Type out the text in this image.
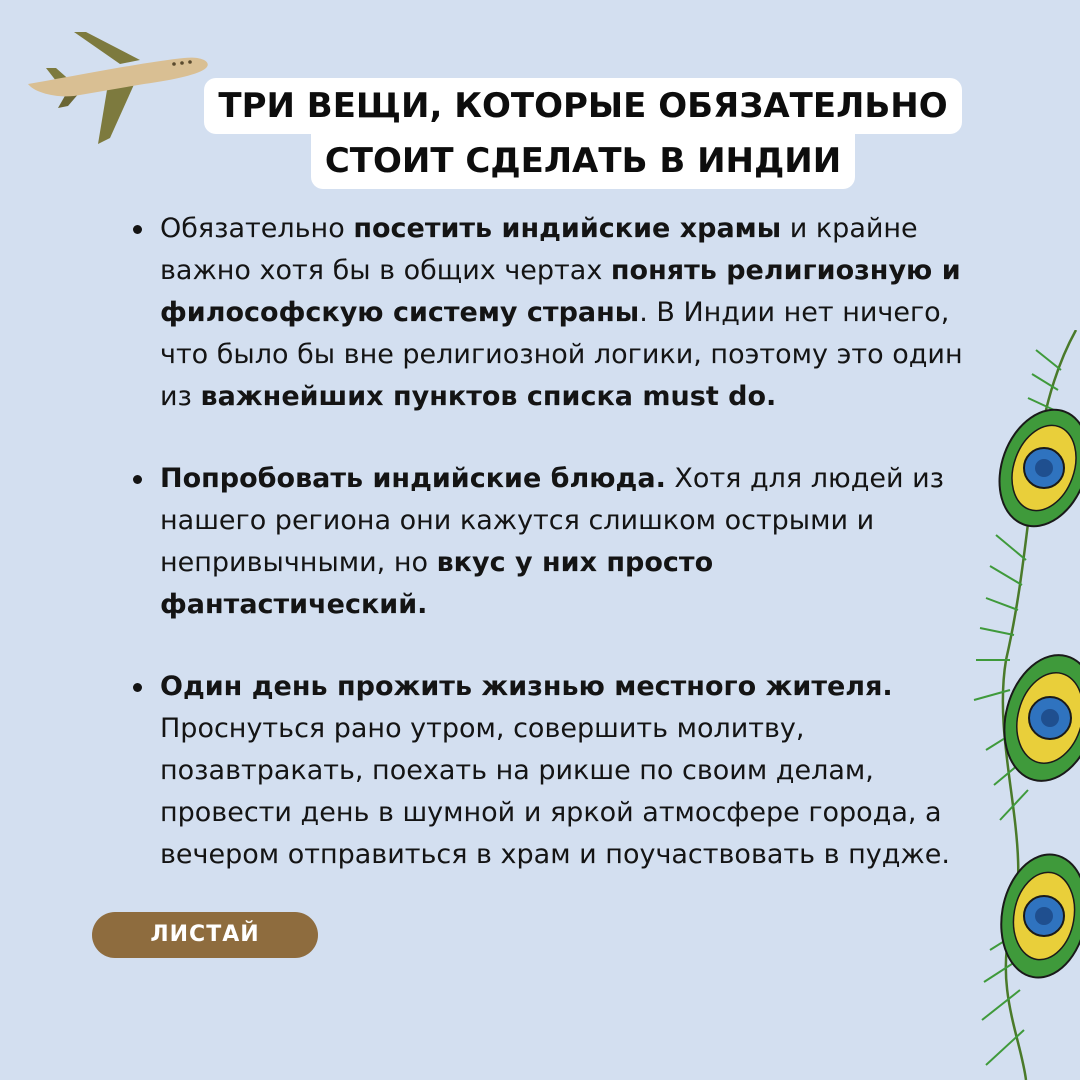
ТРИ ВЕЩИ, КОТОРЫЕ ОБЯЗАТЕЛЬНО
СТОИТ СДЕЛАТЬ В ИНДИИ
Обязательно посетить индийские храмы и крайне важно хотя бы в общих чертах понять религиозную и философскую систему страны. В Индии нет ничего, что было бы вне религиозной логики, поэтому это один из важнейших пунктов списка must do.
Попробовать индийские блюда. Хотя для людей из нашего региона они кажутся слишком острыми и непривычными, но вкус у них просто фантастический.
Один день прожить жизнью местного жителя. Проснуться рано утром, совершить молитву, позавтракать, поехать на рикше по своим делам, провести день в шумной и яркой атмосфере города, а вечером отправиться в храм и поучаствовать в пудже.
ЛИСТАЙ
